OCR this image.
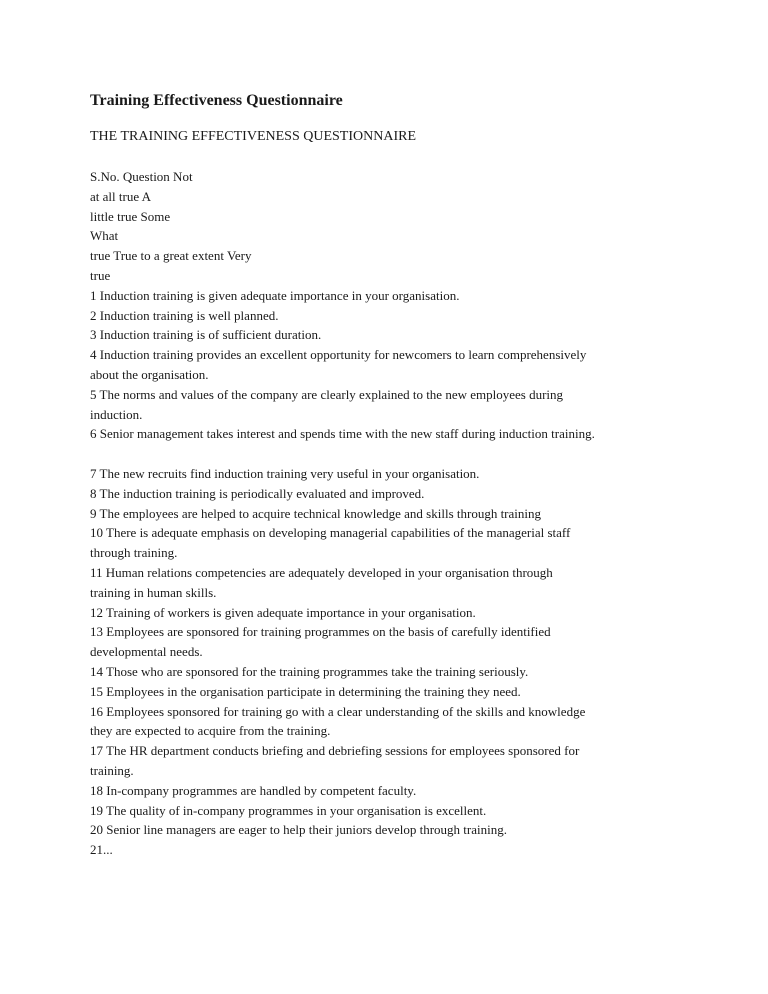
Training Effectiveness Questionnaire

THE TRAINING EFFECTIVENESS QUESTIONNAIRE

S.No. Question Not
at all true A
little true Some
What
true True to a great extent Very
true
1 Induction training is given adequate importance in your organisation.
2 Induction training is well planned.
3 Induction training is of sufficient duration.
4 Induction training provides an excellent opportunity for newcomers to learn comprehensively
about the organisation.
5 The norms and values of the company are clearly explained to the new employees during
induction.
6 Senior management takes interest and spends time with the new staff during induction training.
7 The new recruits find induction training very useful in your organisation.
8 The induction training is periodically evaluated and improved.
9 The employees are helped to acquire technical knowledge and skills through training
10 There is adequate emphasis on developing managerial capabilities of the managerial staff
through training.
11 Human relations competencies are adequately developed in your organisation through
training in human skills.
12 Training of workers is given adequate importance in your organisation.
13 Employees are sponsored for training programmes on the basis of carefully identified
developmental needs.
14 Those who are sponsored for the training programmes take the training seriously.
15 Employees in the organisation participate in determining the training they need.
16 Employees sponsored for training go with a clear understanding of the skills and knowledge
they are expected to acquire from the training.
17 The HR department conducts briefing and debriefing sessions for employees sponsored for
training.
18 In-company programmes are handled by competent faculty.
19 The quality of in-company programmes in your organisation is excellent.
20 Senior line managers are eager to help their juniors develop through training.
21...
